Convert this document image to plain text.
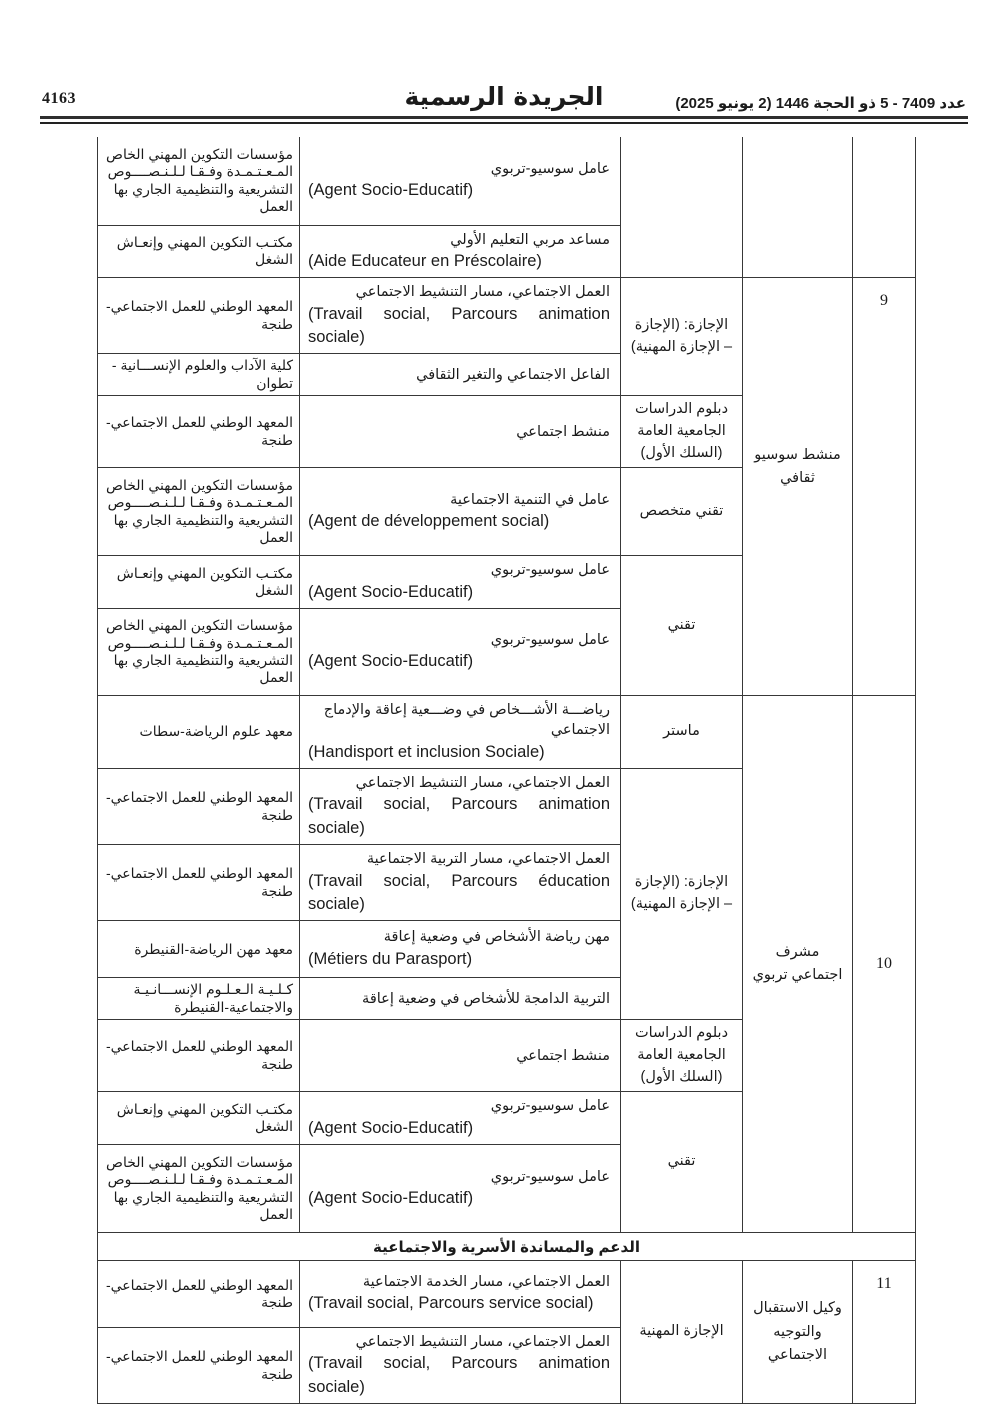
4163	الجريدة الرسمية	عدد 7409 - 5 ذو الحجة 1446 (2 يونيو 2025)

			عامل سوسيو-تربوي
(Agent Socio-Educatif)	مؤسسات التكوين المهني الخاص المـعـتـمـدة وفـقـا لـلـنـصــــوص التشريعية والتنظيمية الجاري بها العمل

			مساعد مربي التعليم الأولي
(Aide Educateur en Préscolaire)	مكتـب التكوين المهني وإنعـاش الشغل
9	منشط سوسيو ثقافي	الإجازة: (الإجازة – الإجازة المهنية)	العمل الاجتماعي، مسار التنشيط الاجتماعي
(Travail social, Parcours animation sociale)	المعهد الوطني للعمل الاجتماعي-طنجة

			الفاعل الاجتماعي والتغير الثقافي	كلية الآداب والعلوم الإنســـانية - تطوان
		دبلوم الدراسات الجامعية العامة (السلك الأول)	منشط اجتماعي	المعهد الوطني للعمل الاجتماعي-طنجة
		تقني متخصص	عامل في التنمية الاجتماعية
(Agent de développement social)	مؤسسات التكوين المهني الخاص المـعـتـمـدة وفـقـا لـلـنـصــــوص التشريعية والتنظيمية الجاري بها العمل
		تقني	عامل سوسيو-تربوي
(Agent Socio-Educatif)	مكتـب التكوين المهني وإنعـاش الشغل

			عامل سوسيو-تربوي
(Agent Socio-Educatif)	مؤسسات التكوين المهني الخاص المـعـتـمـدة وفـقـا لـلـنـصــــوص التشريعية والتنظيمية الجاري بها العمل
10	مشرف اجتماعي تربوي	ماستر	رياضـــة الأشـــخاص في وضـــعية إعاقة والإدماج الاجتماعي
(Handisport et inclusion Sociale)	معهد علوم الرياضة-سطات
		الإجازة: (الإجازة – الإجازة المهنية)	العمل الاجتماعي، مسار التنشيط الاجتماعي
(Travail social, Parcours animation sociale)	المعهد الوطني للعمل الاجتماعي-طنجة

			العمل الاجتماعي، مسار التربية الاجتماعية
(Travail social, Parcours éducation sociale)	المعهد الوطني للعمل الاجتماعي-طنجة

			مهن رياضة الأشخاص في وضعية إعاقة
(Métiers du Parasport)	معهد مهن الرياضة-القنيطرة

			التربية الدامجة للأشخاص في وضعية إعاقة	كـلـيـة الـعـلـوم الإنســـانـيـة والاجتماعية-القنيطرة
		دبلوم الدراسات الجامعية العامة (السلك الأول)	منشط اجتماعي	المعهد الوطني للعمل الاجتماعي-طنجة
		تقني	عامل سوسيو-تربوي
(Agent Socio-Educatif)	مكتـب التكوين المهني وإنعـاش الشغل

			عامل سوسيو-تربوي
(Agent Socio-Educatif)	مؤسسات التكوين المهني الخاص المـعـتـمـدة وفـقـا لـلـنـصــــوص التشريعية والتنظيمية الجاري بها العمل
الدعم والمساندة الأسرية والاجتماعية				
11	وكيل الاستقبال والتوجيه الاجتماعي	الإجازة المهنية	العمل الاجتماعي، مسار الخدمة الاجتماعية
(Travail social, Parcours service social)	المعهد الوطني للعمل الاجتماعي-طنجة

			العمل الاجتماعي، مسار التنشيط الاجتماعي
(Travail social, Parcours animation sociale)	المعهد الوطني للعمل الاجتماعي-طنجة
